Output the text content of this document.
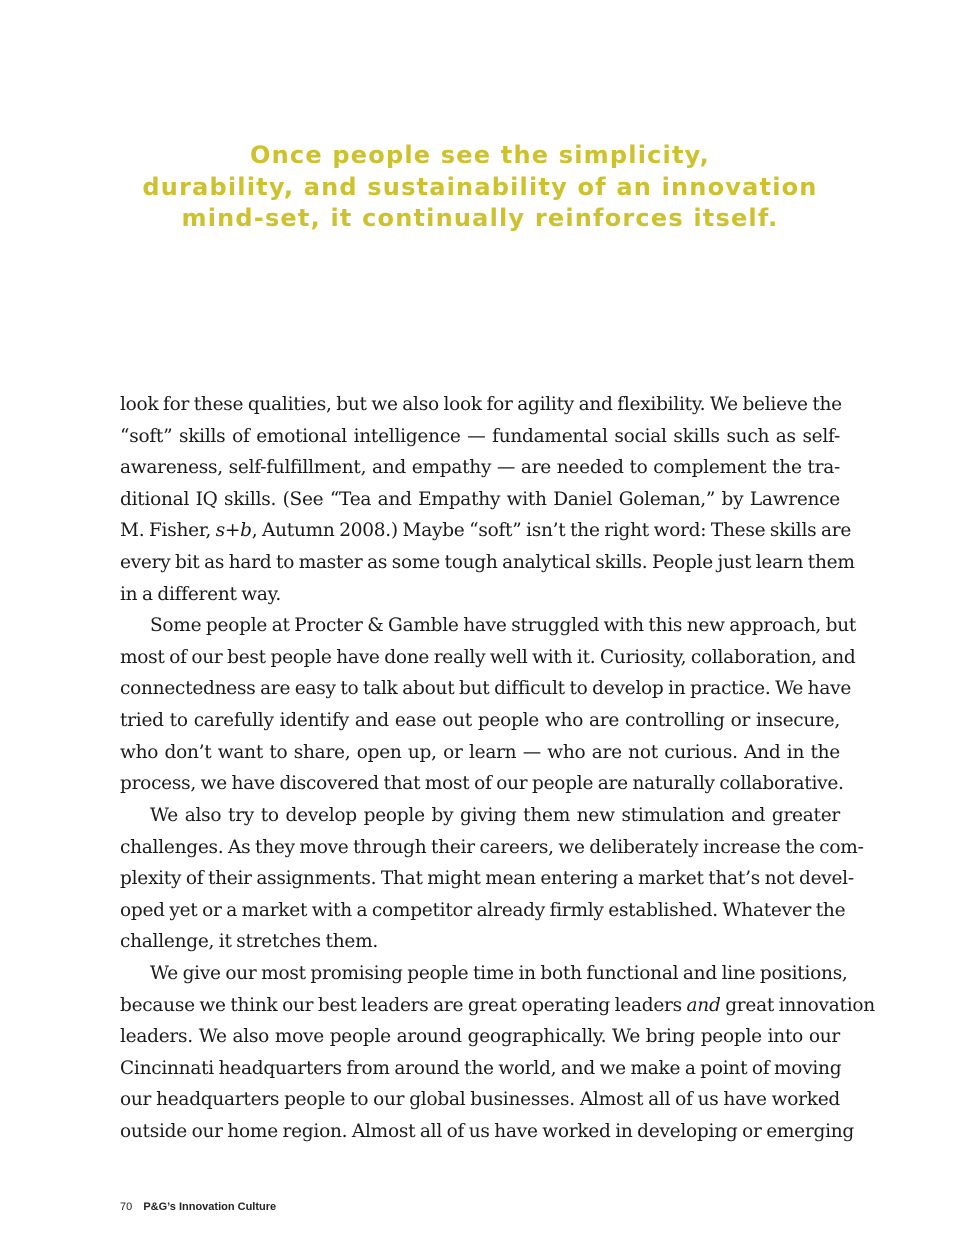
Once people see the simplicity,
durability, and sustainability of an innovation
mind-set, it continually reinforces itself.
look for these qualities, but we also look for agility and flexibility. We believe the
“soft” skills of emotional intelligence — fundamental social skills such as self-
awareness, self-fulfillment, and empathy — are needed to complement the tra-
ditional IQ skills. (See “Tea and Empathy with Daniel Goleman,” by Lawrence
M. Fisher, s+b, Autumn 2008.) Maybe “soft” isn’t the right word: These skills are
every bit as hard to master as some tough analytical skills. People just learn them
in a different way.
Some people at Procter & Gamble have struggled with this new approach, but
most of our best people have done really well with it. Curiosity, collaboration, and
connectedness are easy to talk about but difficult to develop in practice. We have
tried to carefully identify and ease out people who are controlling or insecure,
who don’t want to share, open up, or learn — who are not curious. And in the
process, we have discovered that most of our people are naturally collaborative.
We also try to develop people by giving them new stimulation and greater
challenges. As they move through their careers, we deliberately increase the com-
plexity of their assignments. That might mean entering a market that’s not devel-
oped yet or a market with a competitor already firmly established. Whatever the
challenge, it stretches them.
We give our most promising people time in both functional and line positions,
because we think our best leaders are great operating leaders and great innovation
leaders. We also move people around geographically. We bring people into our
Cincinnati headquarters from around the world, and we make a point of moving
our headquarters people to our global businesses. Almost all of us have worked
outside our home region. Almost all of us have worked in developing or emerging
70 P&G’s Innovation Culture
